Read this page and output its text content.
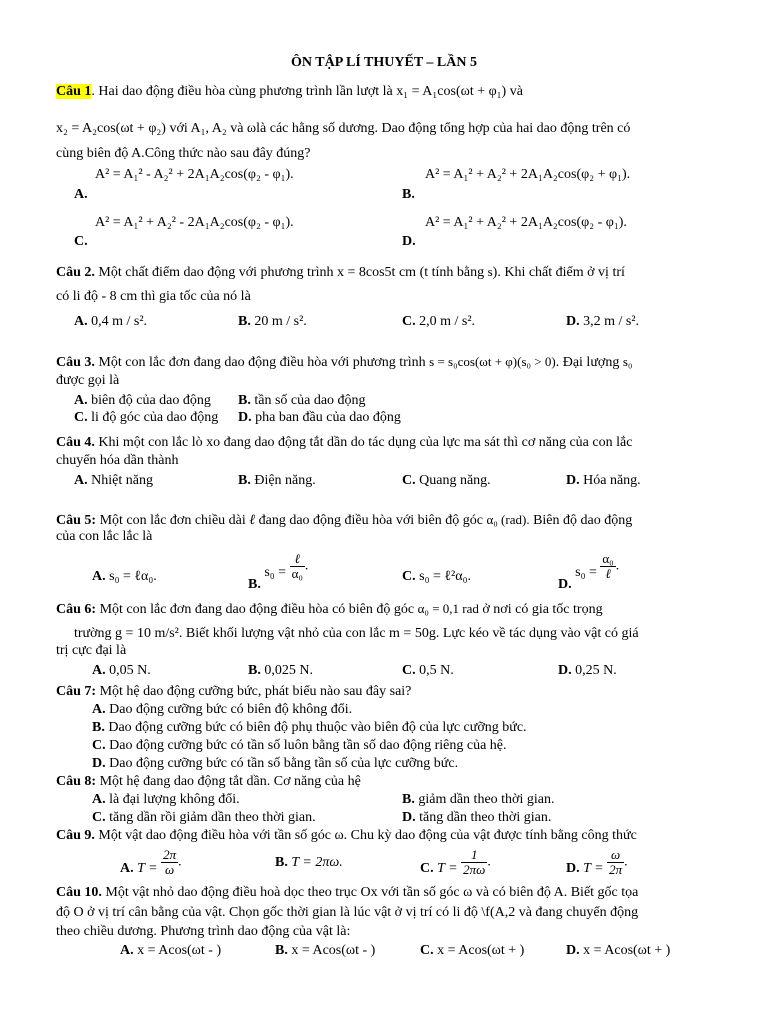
ÔN TẬP LÍ THUYẾT – LẦN 5
Câu 1. Hai dao động điều hòa cùng phương trình lần lượt là x₁ = A₁cos(ωt + φ₁) và
x₂ = A₂cos(ωt + φ₂) với A₁, A₂ và ωlà các hằng số dương. Dao động tổng hợp của hai dao động trên có
cùng biên độ A.Công thức nào sau đây đúng?
A.
A² = A₁² - A₂² + 2A₁A₂cos(φ₂ - φ₁).
B.
A² = A₁² + A₂² + 2A₁A₂cos(φ₂ + φ₁).
C.
A² = A₁² + A₂² - 2A₁A₂cos(φ₂ - φ₁).
D.
A² = A₁² + A₂² + 2A₁A₂cos(φ₂ - φ₁).
Câu 2. Một chất điểm dao động với phương trình x = 8cos5t cm (t tính bằng s). Khi chất điểm ở vị trí
có li độ - 8 cm thì gia tốc của nó là
A. 0,4 m / s².	B. 20 m / s².	C. 2,0 m / s².	D. 3,2 m / s².
Câu 3. Một con lắc đơn đang dao động điều hòa với phương trình s = s₀cos(ωt + φ)(s₀ > 0). Đại lượng s₀
được gọi là
A. biên độ của dao động B. tần số của dao động
C. li độ góc của dao động D. pha ban đầu của dao động
Câu 4. Khi một con lắc lò xo đang dao động tắt dần do tác dụng của lực ma sát thì cơ năng của con lắc
chuyển hóa dần thành
A. Nhiệt năng	B. Điện năng.	C. Quang năng.	D. Hóa năng.
Câu 5: Một con lắc đơn chiều dài ℓ đang dao động điều hòa với biên độ góc α₀ (rad). Biên độ dao động
của con lắc lắc là
A. s₀ = ℓα₀.
B. $s_0 = \frac{\text{ℓ}}{\text{α₀}}$ .
C. s₀ = ℓ²α₀.
D. $s_0 = \frac{\text{α₀}}{\text{ℓ}}$ .
Câu 6: Một con lắc đơn đang dao động điều hòa có biên độ góc α₀ = 0,1 rad ở nơi có gia tốc trọng
trường g = 10 m/s². Biết khối lượng vật nhỏ của con lắc m = 50g. Lực kéo về tác dụng vào vật có giá
trị cực đại là
A. 0,05 N.	B. 0,025 N.	C. 0,5 N.	D. 0,25 N.
Câu 7: Một hệ dao động cưỡng bức, phát biểu nào sau đây sai?
A. Dao động cưỡng bức có biên độ không đổi.
B. Dao động cưỡng bức có biên độ phụ thuộc vào biên độ của lực cưỡng bức.
C. Dao động cưỡng bức có tần số luôn bằng tần số dao động riêng của hệ.
D. Dao động cưỡng bức có tần số bằng tần số của lực cưỡng bức.
Câu 8: Một hệ đang dao động tắt dần. Cơ năng của hệ
A. là đại lượng không đổi.	B. giảm dần theo thời gian.
C. tăng dần rồi giảm dần theo thời gian.	D. tăng dần theo thời gian.
Câu 9. Một vật dao động điều hòa với tần số góc ω. Chu kỳ dao động của vật được tính bằng công thức
A. $T = \frac{2\pi}{\omega}$ .	B. T = 2πω.	C. $T = \frac{1}{2\pi\omega}$ .	D. $T = \frac{\omega}{2\pi}$ .
Câu 10. Một vật nhỏ dao động điều hoà dọc theo trục Ox với tần số góc ω và có biên độ A. Biết gốc tọa
độ O ở vị trí cân bằng của vật. Chọn gốc thời gian là lúc vật ở vị trí có li độ \f(A,2 và đang chuyển động
theo chiều dương. Phương trình dao động của vật là:
A. x = Acos(ωt - )	B. x = Acos(ωt - )	C. x = Acos(ωt + )	D. x = Acos(ωt + )
